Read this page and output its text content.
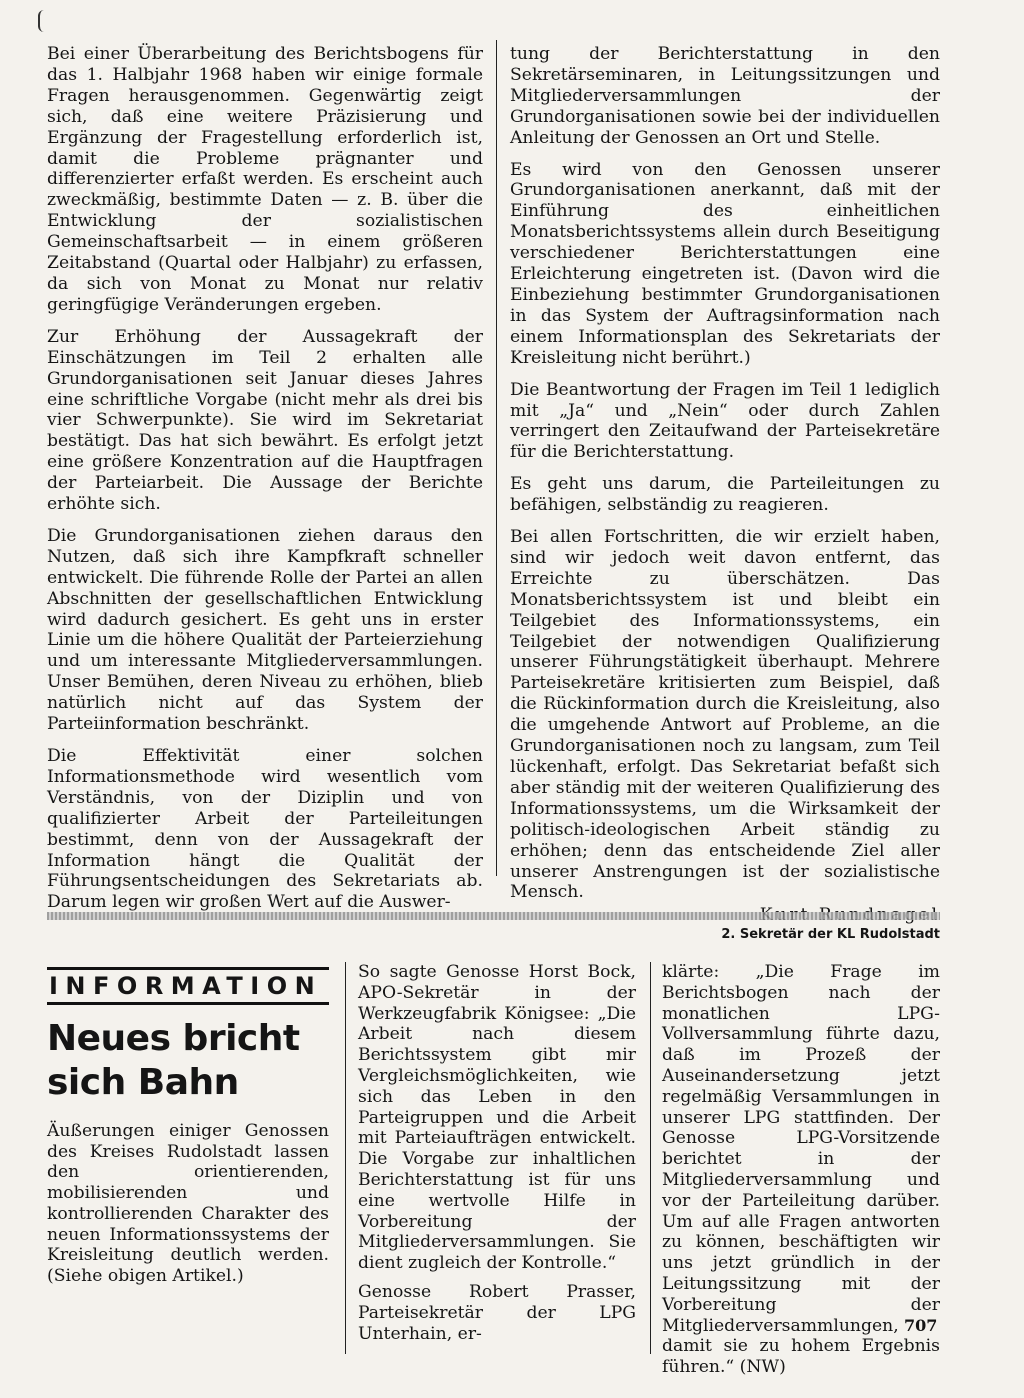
Bei einer Überarbeitung des Berichtsbogens für das 1. Halbjahr 1968 haben wir einige formale Fragen herausgenommen. Gegenwärtig zeigt sich, daß eine weitere Präzisierung und Ergänzung der Fragestellung erforderlich ist, damit die Probleme prägnanter und differenzierter erfaßt werden. Es erscheint auch zweckmäßig, bestimmte Daten — z. B. über die Entwicklung der sozialistischen Gemeinschaftsarbeit — in einem größeren Zeitabstand (Quartal oder Halbjahr) zu erfassen, da sich von Monat zu Monat nur relativ geringfügige Veränderungen ergeben.

Zur Erhöhung der Aussagekraft der Einschätzungen im Teil 2 erhalten alle Grundorganisationen seit Januar dieses Jahres eine schriftliche Vorgabe (nicht mehr als drei bis vier Schwerpunkte). Sie wird im Sekretariat bestätigt. Das hat sich bewährt. Es erfolgt jetzt eine größere Konzentration auf die Hauptfragen der Parteiarbeit. Die Aussage der Berichte erhöhte sich.

Die Grundorganisationen ziehen daraus den Nutzen, daß sich ihre Kampfkraft schneller entwickelt. Die führende Rolle der Partei an allen Abschnitten der gesellschaftlichen Entwicklung wird dadurch gesichert. Es geht uns in erster Linie um die höhere Qualität der Parteierziehung und um interessante Mitgliederversammlungen. Unser Bemühen, deren Niveau zu erhöhen, blieb natürlich nicht auf das System der Parteiinformation beschränkt.

Die Effektivität einer solchen Informationsmethode wird wesentlich vom Verständnis, von der Diziplin und von qualifizierter Arbeit der Parteileitungen bestimmt, denn von der Aussagekraft der Information hängt die Qualität der Führungsentscheidungen des Sekretariats ab. Darum legen wir großen Wert auf die Auswer-

tung der Berichterstattung in den Sekretärseminaren, in Leitungssitzungen und Mitgliederversammlungen der Grundorganisationen sowie bei der individuellen Anleitung der Genossen an Ort und Stelle.

Es wird von den Genossen unserer Grundorganisationen anerkannt, daß mit der Einführung des einheitlichen Monatsberichtssystems allein durch Beseitigung verschiedener Berichterstattungen eine Erleichterung eingetreten ist. (Davon wird die Einbeziehung bestimmter Grundorganisationen in das System der Auftragsinformation nach einem Informationsplan des Sekretariats der Kreisleitung nicht berührt.)

Die Beantwortung der Fragen im Teil 1 lediglich mit „Ja“ und „Nein“ oder durch Zahlen verringert den Zeitaufwand der Parteisekretäre für die Berichterstattung.

Es geht uns darum, die Parteileitungen zu befähigen, selbständig zu reagieren.

Bei allen Fortschritten, die wir erzielt haben, sind wir jedoch weit davon entfernt, das Erreichte zu überschätzen. Das Monatsberichtssystem ist und bleibt ein Teilgebiet des Informationssystems, ein Teilgebiet der notwendigen Qualifizierung unserer Führungstätigkeit überhaupt. Mehrere Parteisekretäre kritisierten zum Beispiel, daß die Rückinformation durch die Kreisleitung, also die umgehende Antwort auf Probleme, an die Grundorganisationen noch zu langsam, zum Teil lückenhaft, erfolgt. Das Sekretariat befaßt sich aber ständig mit der weiteren Qualifizierung des Informationssystems, um die Wirksamkeit der politisch-ideologischen Arbeit ständig zu erhöhen; denn das entscheidende Ziel aller unserer Anstrengungen ist der sozialistische Mensch.

2. Sekretär der KL Rudolstadt
INFORMATION
Neues bricht sich Bahn
Äußerungen einiger Genossen des Kreises Rudolstadt lassen den orientierenden, mobilisierenden und kontrollierenden Charakter des neuen Informationssystems der Kreisleitung deutlich werden. (Siehe obigen Artikel.)

So sagte Genosse Horst Bock, APO-Sekretär in der Werkzeugfabrik Königsee: „Die Arbeit nach diesem Berichtssystem gibt mir Vergleichsmöglichkeiten, wie sich das Leben in den Parteigruppen und die Arbeit mit Parteiaufträgen entwickelt. Die Vorgabe zur inhaltlichen Berichterstattung ist für uns eine wertvolle Hilfe in Vorbereitung der Mitgliederversammlungen. Sie dient zugleich der Kontrolle.“

Genosse Robert Prasser, Parteisekretär der LPG Unterhain, er-

klärte: „Die Frage im Berichtsbogen nach der monatlichen LPG-Vollversammlung führte dazu, daß im Prozeß der Auseinandersetzung jetzt regelmäßig Versammlungen in unserer LPG stattfinden. Der Genosse LPG-Vorsitzende berichtet in der Mitgliederversammlung und vor der Parteileitung darüber. Um auf alle Fragen antworten zu können, beschäftigten wir uns jetzt gründlich in der Leitungssitzung mit der Vorbereitung der Mitgliederversammlungen, damit sie zu hohem Ergebnis führen.“ (NW)

707
